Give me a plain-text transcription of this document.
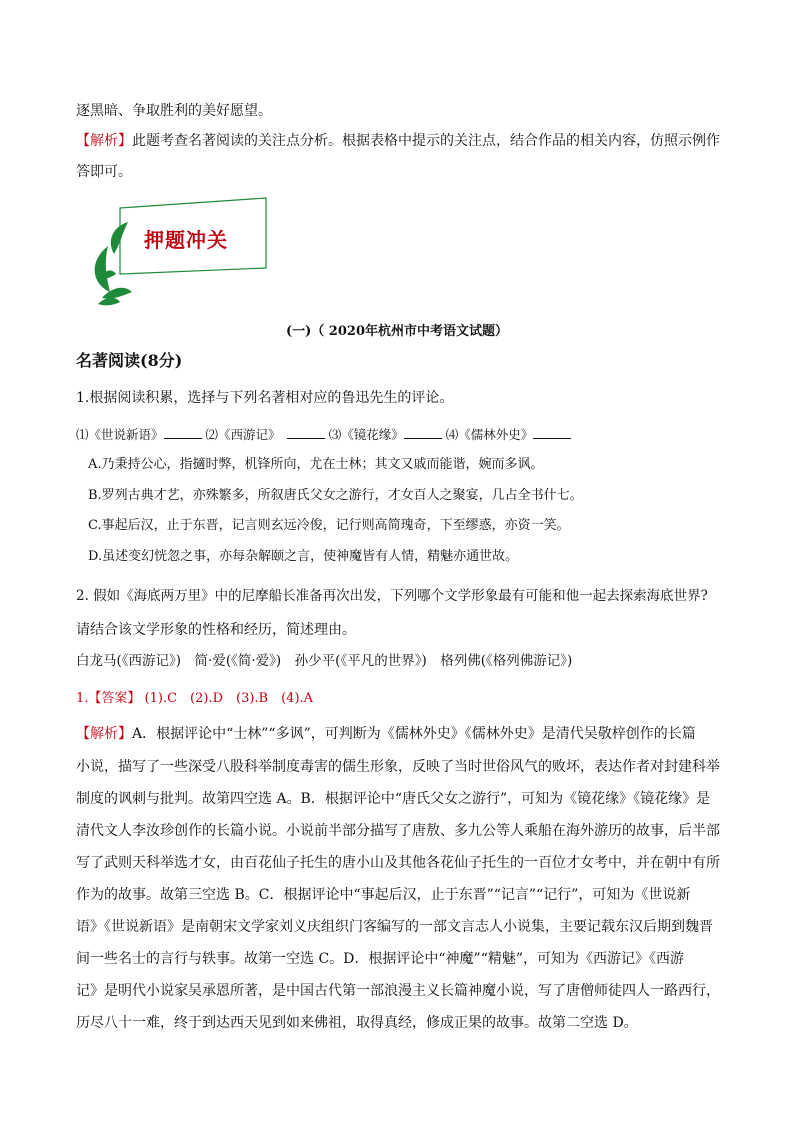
逐黑暗、争取胜利的美好愿望。
【解析】此题考查名著阅读的关注点分析。根据表格中提示的关注点，结合作品的相关内容，仿照示例作
答即可。
押题冲关
(一)（ 2020年杭州市中考语文试题）
名著阅读(8分)
1.根据阅读积累，选择与下列名著相对应的鲁迅先生的评论。
⑴《世说新语》	⑵《西游记》　	⑶《镜花缘》	⑷《儒林外史》
A.乃秉持公心，指擿时弊，机锋所向，尤在士林；其文又戚而能谐，婉而多讽。
B.罗列古典才艺，亦殊繁多，所叙唐氏父女之游行，才女百人之聚宴，几占全书什七。
C.事起后汉，止于东晋，记言则玄远冷俊，记行则高简瑰奇，下至缪惑，亦资一笑。
D.虽述变幻恍忽之事，亦每杂解颐之言，使神魔皆有人情，精魅亦通世故。
2. 假如《海底两万里》中的尼摩船长准备再次出发，下列哪个文学形象最有可能和他一起去探索海底世界?
请结合该文学形象的性格和经历，简述理由。
白龙马(《西游记》)　 简·爱(《简·爱》)　 孙少平(《平凡的世界》)　 格列佛(《格列佛游记》)
1.【答案】 (1).C　(2).D　(3).B　(4).A
【解析】A．根据评论中“士林”“多讽”，可判断为《儒林外史》《儒林外史》是清代吴敬梓创作的长篇
小说，描写了一些深受八股科举制度毒害的儒生形象，反映了当时世俗风气的败坏，表达作者对封建科举
制度的讽刺与批判。故第四空选 A。B．根据评论中“唐氏父女之游行”，可知为《镜花缘》《镜花缘》是
清代文人李汝珍创作的长篇小说。小说前半部分描写了唐敖、多九公等人乘船在海外游历的故事，后半部
写了武则天科举选才女，由百花仙子托生的唐小山及其他各花仙子托生的一百位才女考中，并在朝中有所
作为的故事。故第三空选 B。C．根据评论中“事起后汉，止于东晋”“记言”“记行”，可知为《世说新
语》《世说新语》是南朝宋文学家刘义庆组织门客编写的一部文言志人小说集，主要记载东汉后期到魏晋
间一些名士的言行与轶事。故第一空选 C。D．根据评论中“神魔”“精魅”，可知为《西游记》《西游
记》是明代小说家吴承恩所著，是中国古代第一部浪漫主义长篇神魔小说，写了唐僧师徒四人一路西行，
历尽八十一难，终于到达西天见到如来佛祖，取得真经，修成正果的故事。故第二空选 D。
